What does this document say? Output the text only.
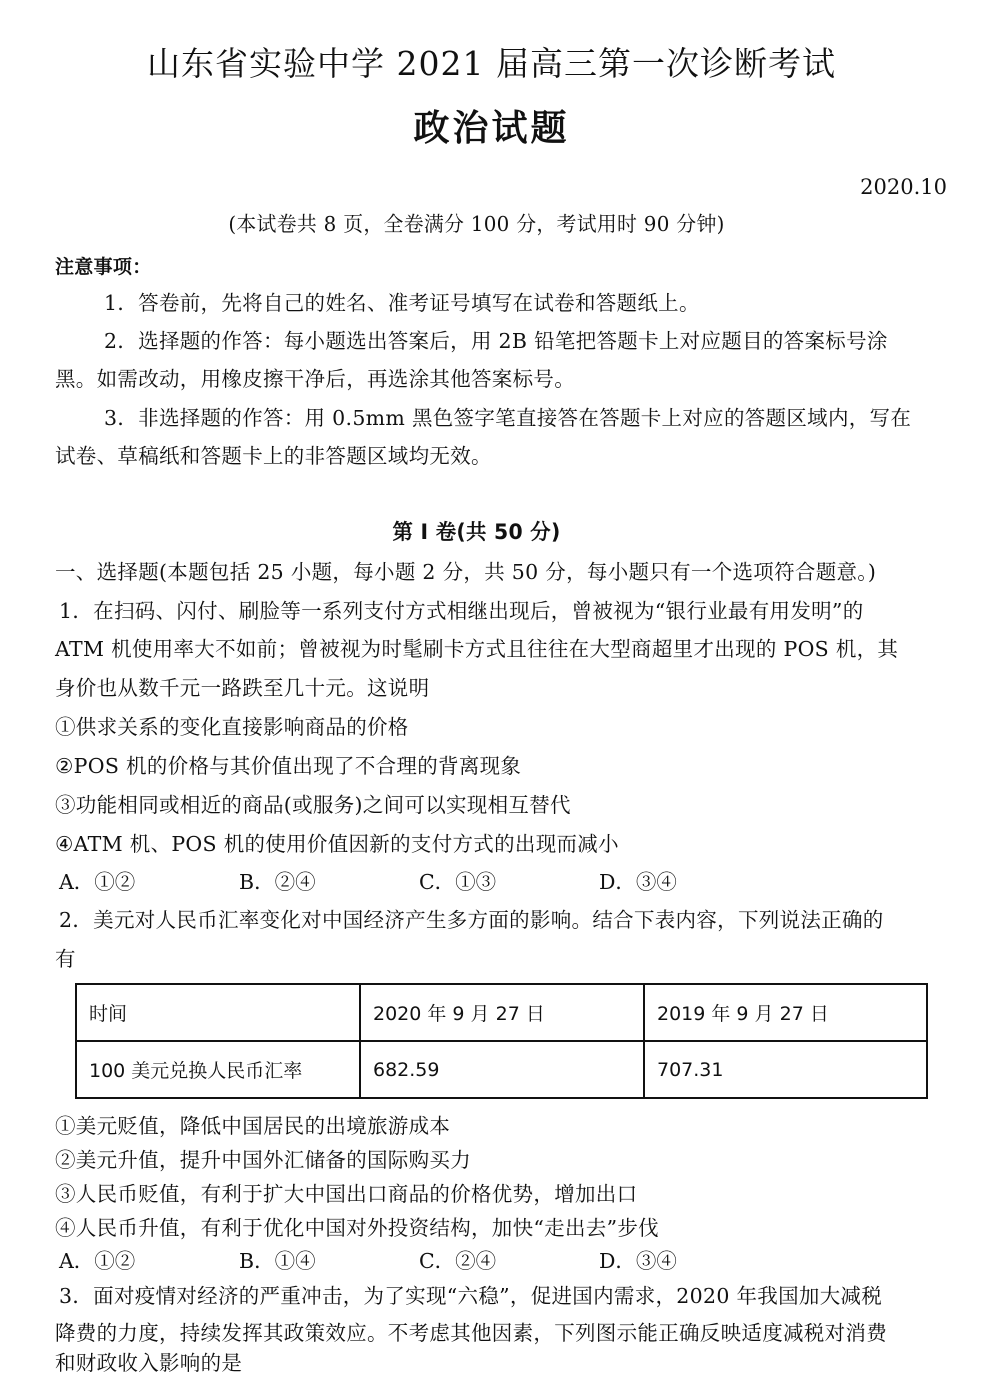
山东省实验中学 2021 届高三第一次诊断考试
政治试题
2020.10
(本试卷共 8 页，全卷满分 100 分，考试用时 90 分钟)
注意事项：
1．答卷前，先将自己的姓名、准考证号填写在试卷和答题纸上。
2．选择题的作答：每小题选出答案后，用 2B 铅笔把答题卡上对应题目的答案标号涂
黑。如需改动，用橡皮擦干净后，再选涂其他答案标号。
3．非选择题的作答：用 0.5mm 黑色签字笔直接答在答题卡上对应的答题区域内，写在
试卷、草稿纸和答题卡上的非答题区域均无效。
第 I 卷(共 50 分)
一、选择题(本题包括 25 小题，每小题 2 分，共 50 分，每小题只有一个选项符合题意。)
1．在扫码、闪付、刷脸等一系列支付方式相继出现后，曾被视为“银行业最有用发明”的
ATM 机使用率大不如前；曾被视为时髦刷卡方式且往往在大型商超里才出现的 POS 机，其
身价也从数千元一路跌至几十元。这说明
①供求关系的变化直接影响商品的价格
②POS 机的价格与其价值出现了不合理的背离现象
③功能相同或相近的商品(或服务)之间可以实现相互替代
④ATM 机、POS 机的使用价值因新的支付方式的出现而减小
A．①②	B．②④	C．①③	D．③④
2．美元对人民币汇率变化对中国经济产生多方面的影响。结合下表内容，下列说法正确的
有
时间	2020 年 9 月 27 日	2019 年 9 月 27 日
100 美元兑换人民币汇率	682.59	707.31
①美元贬值，降低中国居民的出境旅游成本
②美元升值，提升中国外汇储备的国际购买力
③人民币贬值，有利于扩大中国出口商品的价格优势，增加出口
④人民币升值，有利于优化中国对外投资结构，加快“走出去”步伐
A．①②	B．①④	C．②④	D．③④
3．面对疫情对经济的严重冲击，为了实现“六稳”，促进国内需求，2020 年我国加大减税
降费的力度，持续发挥其政策效应。不考虑其他因素，下列图示能正确反映适度减税对消费
和财政收入影响的是
